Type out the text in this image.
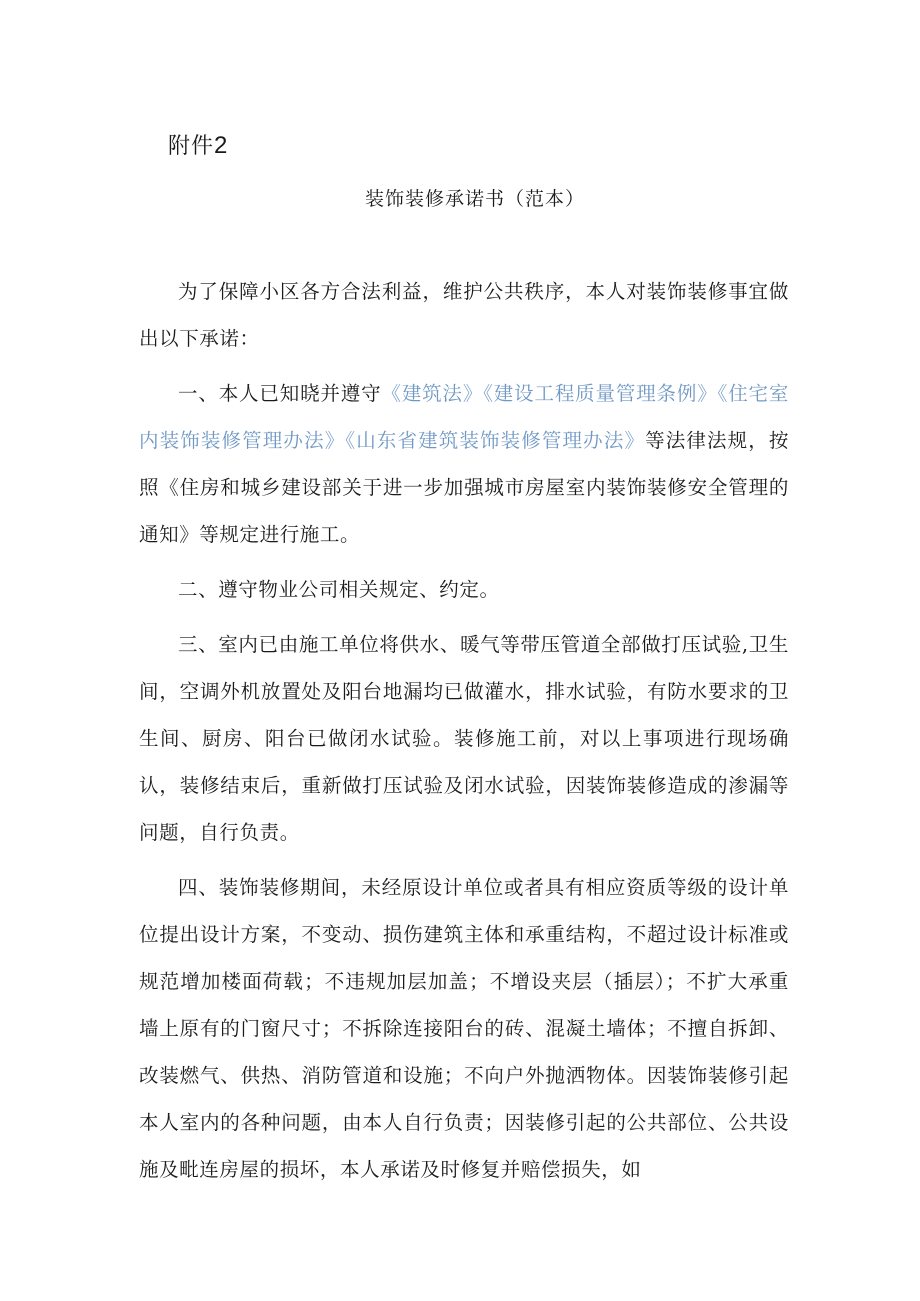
附件2
装饰装修承诺书（范本）

为了保障小区各方合法利益，维护公共秩序，本人对装饰装修事宜做出以下承诺：

一、本人已知晓并遵守《建筑法》《建设工程质量管理条例》《住宅室内装饰装修管理办法》《山东省建筑装饰装修管理办法》等法律法规，按照《住房和城乡建设部关于进一步加强城市房屋室内装饰装修安全管理的通知》等规定进行施工。

二、遵守物业公司相关规定、约定。

三、室内已由施工单位将供水、暖气等带压管道全部做打压试验,卫生间，空调外机放置处及阳台地漏均已做灌水，排水试验，有防水要求的卫生间、厨房、阳台已做闭水试验。装修施工前，对以上事项进行现场确认，装修结束后，重新做打压试验及闭水试验，因装饰装修造成的渗漏等问题，自行负责。

四、装饰装修期间，未经原设计单位或者具有相应资质等级的设计单位提出设计方案，不变动、损伤建筑主体和承重结构，不超过设计标准或规范增加楼面荷载；不违规加层加盖；不增设夹层（插层）；不扩大承重墙上原有的门窗尺寸；不拆除连接阳台的砖、混凝土墙体；不擅自拆卸、改装燃气、供热、消防管道和设施；不向户外抛洒物体。因装饰装修引起本人室内的各种问题，由本人自行负责；因装修引起的公共部位、公共设施及毗连房屋的损坏，本人承诺及时修复并赔偿损失，如
